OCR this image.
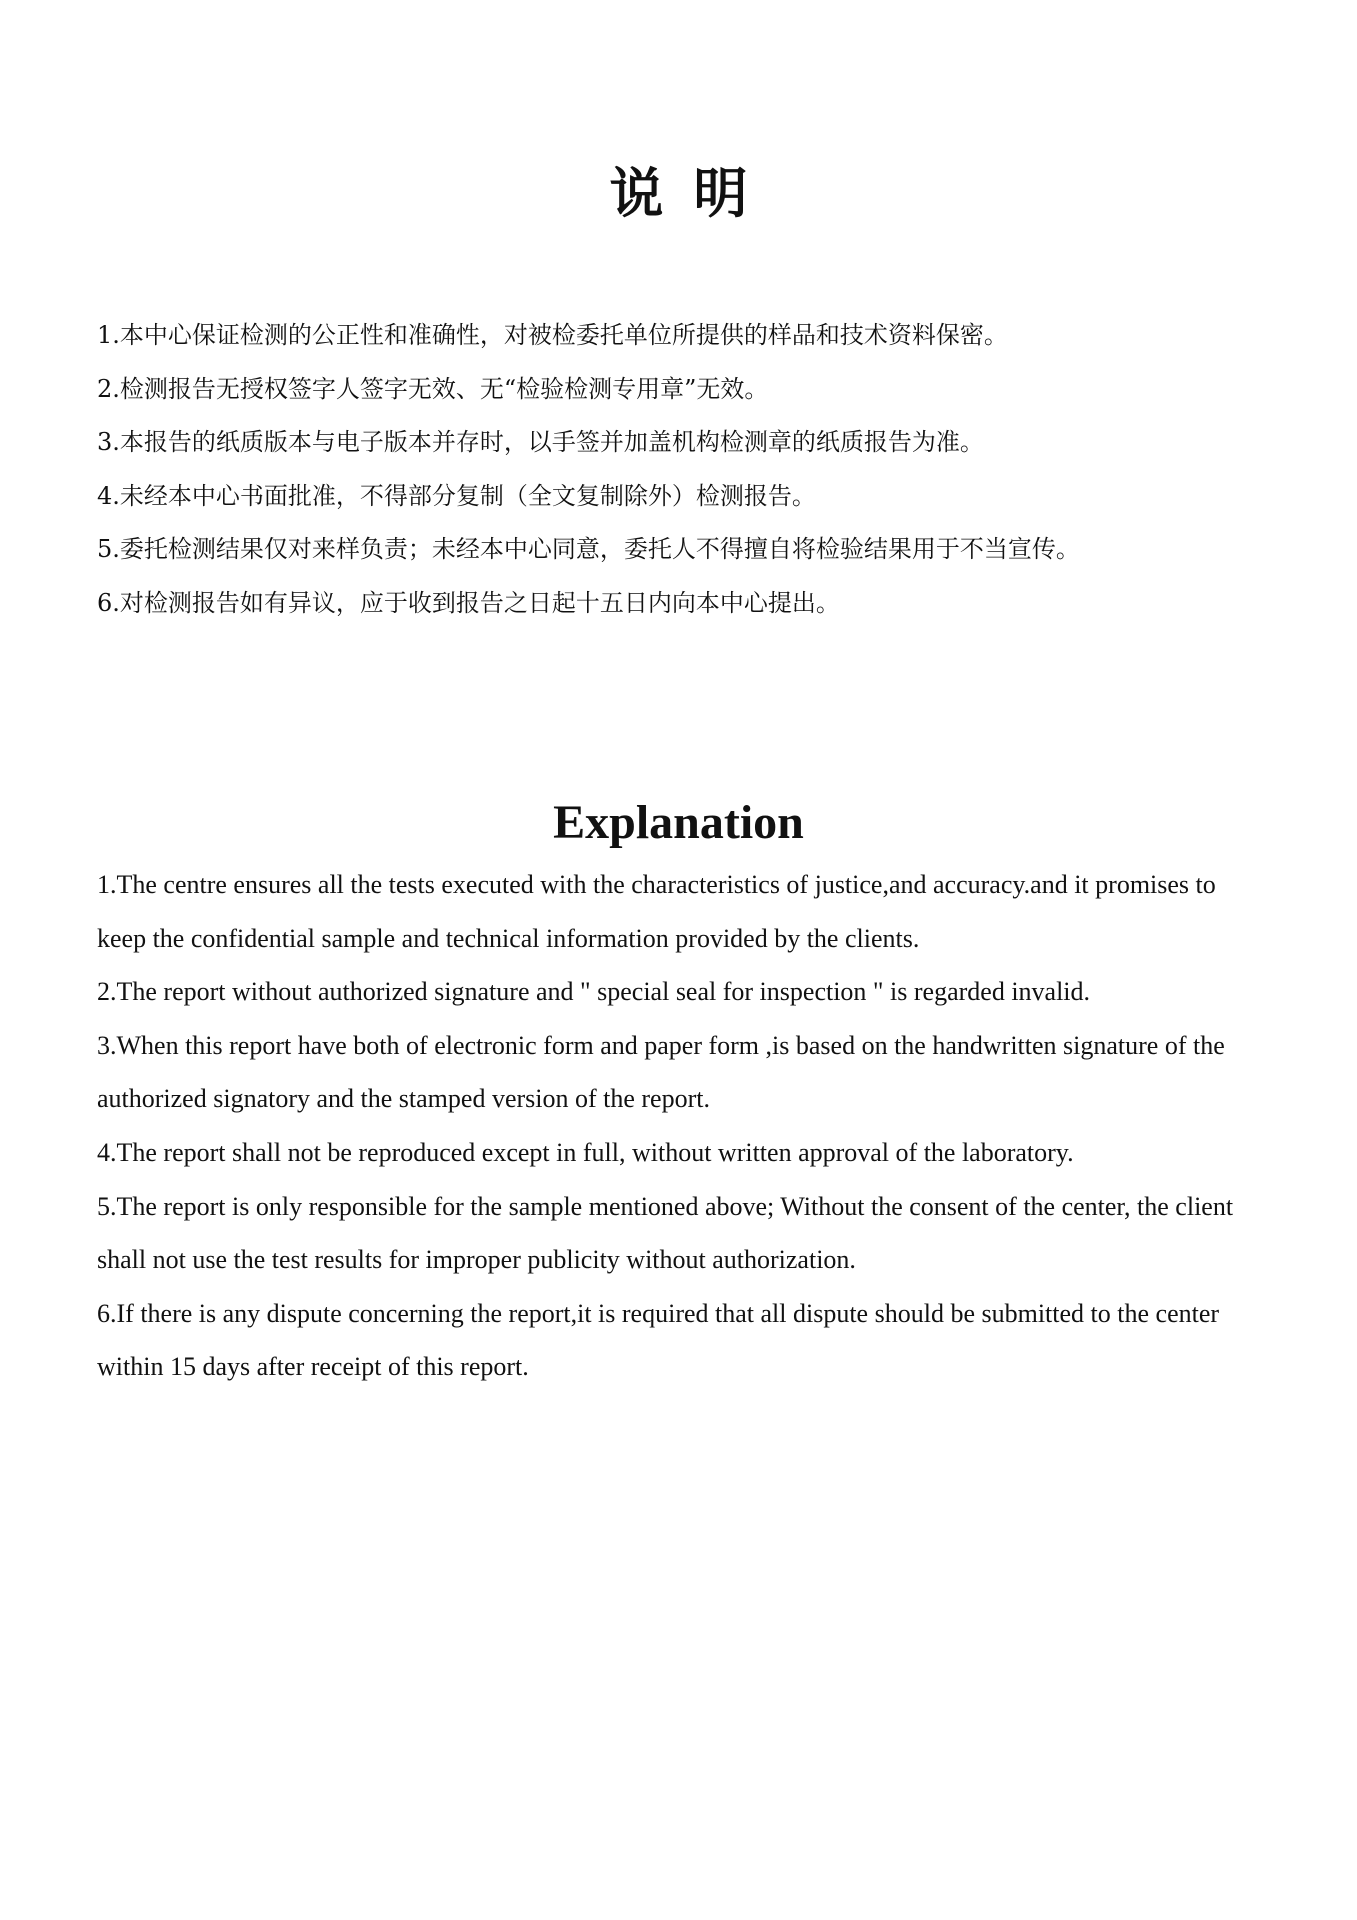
说明
1.本中心保证检测的公正性和准确性，对被检委托单位所提供的样品和技术资料保密。
2.检测报告无授权签字人签字无效、无“检验检测专用章”无效。
3.本报告的纸质版本与电子版本并存时，以手签并加盖机构检测章的纸质报告为准。
4.未经本中心书面批准，不得部分复制（全文复制除外）检测报告。
5.委托检测结果仅对来样负责；未经本中心同意，委托人不得擅自将检验结果用于不当宣传。
6.对检测报告如有异议，应于收到报告之日起十五日内向本中心提出。
Explanation
1.The centre ensures all the tests executed with the characteristics of justice,and accuracy.and it promises to
keep the confidential sample and technical information provided by the clients.
2.The report without authorized signature and " special seal for inspection " is regarded invalid.
3.When this report have both of electronic form and paper form ,is based on the handwritten signature of the
authorized signatory and the stamped version of the report.
4.The report shall not be reproduced except in full, without written approval of the laboratory.
5.The report is only responsible for the sample mentioned above; Without the consent of the center, the client
shall not use the test results for improper publicity without authorization.
6.If there is any dispute concerning the report,it is required that all dispute should be submitted to the center
within 15 days after receipt of this report.
